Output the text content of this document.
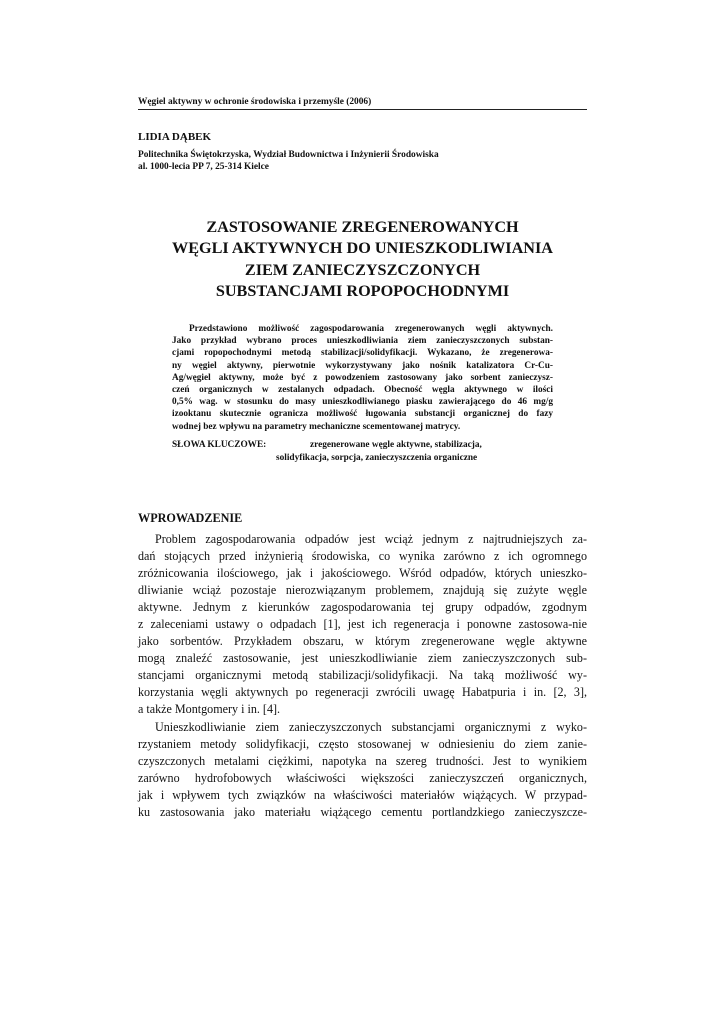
Węgiel aktywny w ochronie środowiska i przemyśle (2006)
LIDIA DĄBEK
Politechnika Świętokrzyska, Wydział Budownictwa i Inżynierii Środowiska
al. 1000-lecia PP 7, 25-314 Kielce
ZASTOSOWANIE ZREGENEROWANYCH
WĘGLI AKTYWNYCH DO UNIESZKODLIWIANIA
ZIEM ZANIECZYSZCZONYCH
SUBSTANCJAMI ROPOPOCHODNYMI
Przedstawiono możliwość zagospodarowania zregenerowanych węgli aktywnych.
Jako przykład wybrano proces unieszkodliwiania ziem zanieczyszczonych substan-
cjami ropopochodnymi metodą stabilizacji/solidyfikacji. Wykazano, że zregenerowa-
ny węgiel aktywny, pierwotnie wykorzystywany jako nośnik katalizatora Cr-Cu-
Ag/węgiel aktywny, może być z powodzeniem zastosowany jako sorbent zanieczysz-
czeń organicznych w zestalanych odpadach. Obecność węgla aktywnego w ilości
0,5% wag. w stosunku do masy unieszkodliwianego piasku zawierającego do 46 mg/g
izooktanu skutecznie ogranicza możliwość ługowania substancji organicznej do fazy
wodnej bez wpływu na parametry mechaniczne scementowanej matrycy.
SŁOWA KLUCZOWE:	zregenerowane węgle aktywne, stabilizacja,
solidyfikacja, sorpcja, zanieczyszczenia organiczne
WPROWADZENIE
Problem zagospodarowania odpadów jest wciąż jednym z najtrudniejszych za-
dań stojących przed inżynierią środowiska, co wynika zarówno z ich ogromnego
zróżnicowania ilościowego, jak i jakościowego. Wśród odpadów, których unieszko-
dliwianie wciąż pozostaje nierozwiązanym problemem, znajdują się zużyte węgle
aktywne. Jednym z kierunków zagospodarowania tej grupy odpadów, zgodnym
z zaleceniami ustawy o odpadach [1], jest ich regeneracja i ponowne zastosowa-nie
jako sorbentów. Przykładem obszaru, w którym zregenerowane węgle aktywne
mogą znaleźć zastosowanie, jest unieszkodliwianie ziem zanieczyszczonych sub-
stancjami organicznymi metodą stabilizacji/solidyfikacji. Na taką możliwość wy-
korzystania węgli aktywnych po regeneracji zwrócili uwagę Habatpuria i in. [2, 3],
a także Montgomery i in. [4].
Unieszkodliwianie ziem zanieczyszczonych substancjami organicznymi z wyko-
rzystaniem metody solidyfikacji, często stosowanej w odniesieniu do ziem zanie-
czyszczonych metalami ciężkimi, napotyka na szereg trudności. Jest to wynikiem
zarówno hydrofobowych właściwości większości zanieczyszczeń organicznych,
jak i wpływem tych związków na właściwości materiałów wiążących. W przypad-
ku zastosowania jako materiału wiążącego cementu portlandzkiego zanieczyszcze-
